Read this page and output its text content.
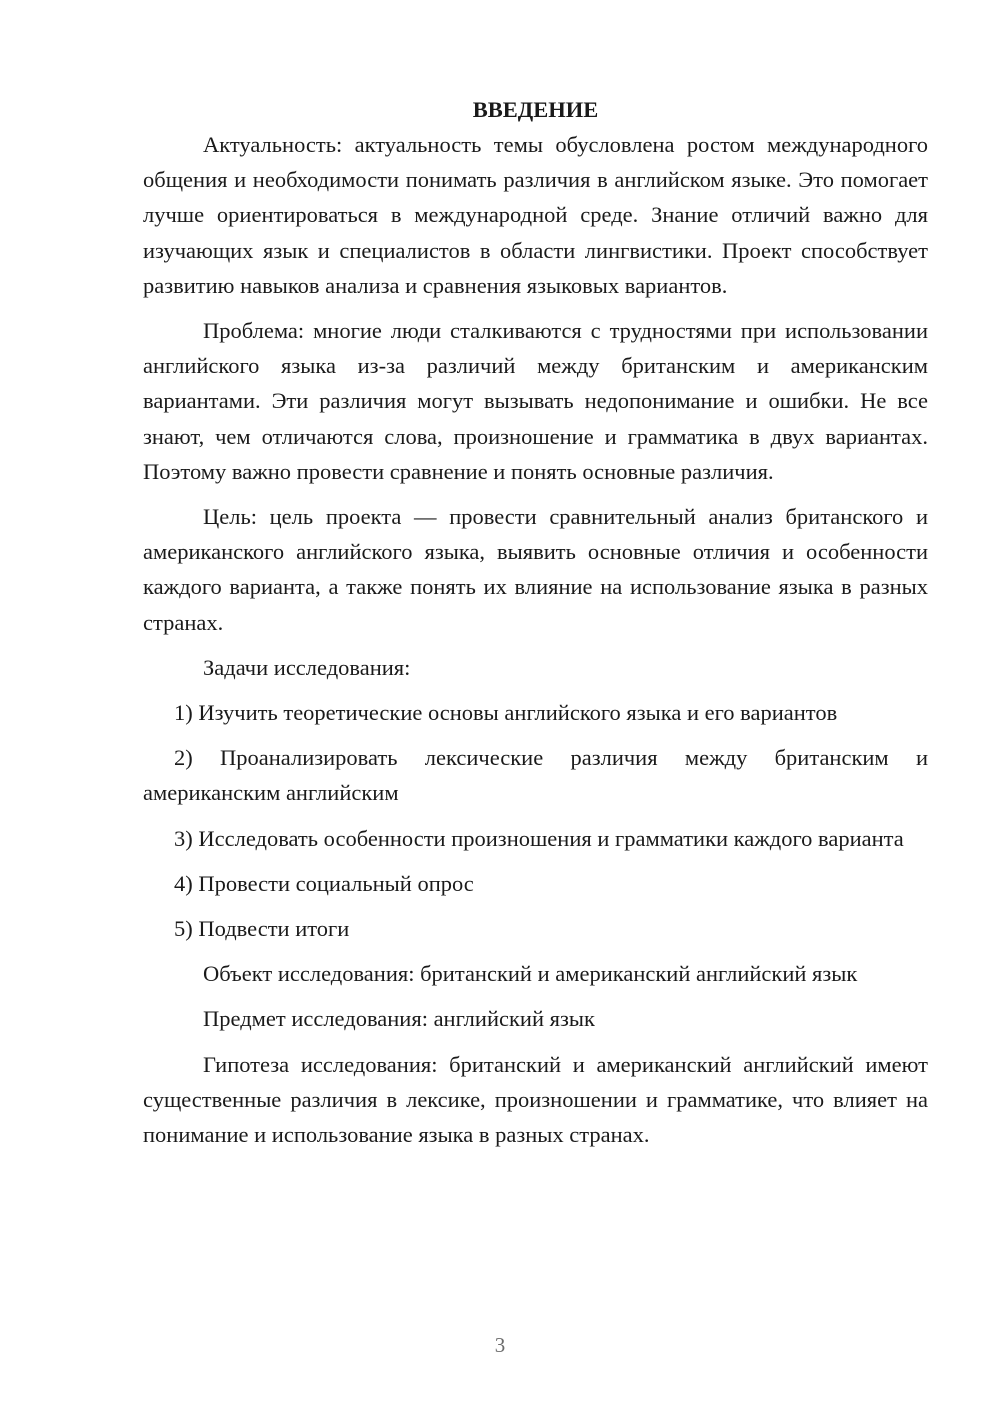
ВВЕДЕНИЕ

Актуальность: актуальность темы обусловлена ростом международного общения и необходимости понимать различия в английском языке. Это помогает лучше ориентироваться в международной среде. Знание отличий важно для изучающих язык и специалистов в области лингвистики. Проект способствует развитию навыков анализа и сравнения языковых вариантов.

Проблема: многие люди сталкиваются с трудностями при использовании английского языка из-за различий между британским и американским вариантами. Эти различия могут вызывать недопонимание и ошибки. Не все знают, чем отличаются слова, произношение и грамматика в двух вариантах. Поэтому важно провести сравнение и понять основные различия.

Цель: цель проекта — провести сравнительный анализ британского и американского английского языка, выявить основные отличия и особенности каждого варианта, а также понять их влияние на использование языка в разных странах.

Задачи исследования:

1) Изучить теоретические основы английского языка и его вариантов

2) Проанализировать лексические различия между британским и американским английским

3) Исследовать особенности произношения и грамматики каждого варианта

4) Провести социальный опрос

5) Подвести итоги

Объект исследования: британский и американский английский язык

Предмет исследования: английский язык

Гипотеза исследования: британский и американский английский имеют существенные различия в лексике, произношении и грамматике, что влияет на понимание и использование языка в разных странах.

3
